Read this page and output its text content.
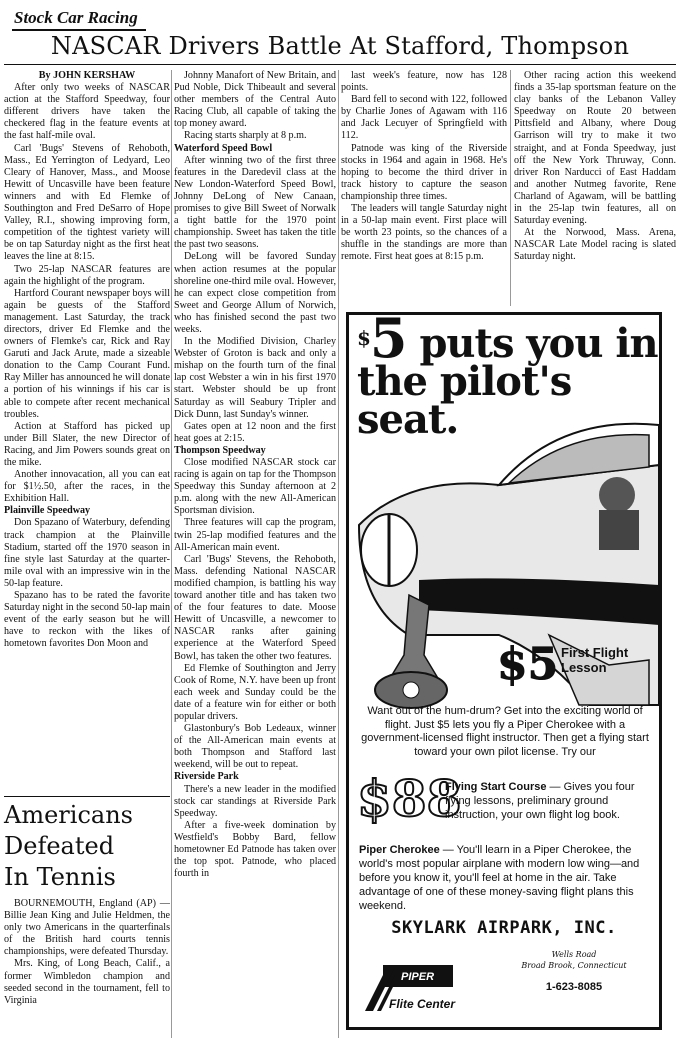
Stock Car Racing
NASCAR Drivers Battle At Stafford, Thompson

By JOHN KERSHAW

After only two weeks of NASCAR action at the Stafford Speedway, four different drivers have taken the checkered flag in the feature events at the fast half-mile oval.

Carl 'Bugs' Stevens of Rehoboth, Mass., Ed Yerrington of Ledyard, Leo Cleary of Hanover, Mass., and Moose Hewitt of Uncasville have been feature winners and with Ed Flemke of Southington and Fred DeSarro of Hope Valley, R.I., showing improving form, competition of the tightest variety will be on tap Saturday night as the first heat leaves the line at 8:15.

Two 25-lap NASCAR features are again the highlight of the program.

Hartford Courant newspaper boys will again be guests of the Stafford management. Last Saturday, the track directors, driver Ed Flemke and the owners of Flemke's car, Rick and Ray Garuti and Jack Arute, made a sizeable donation to the Camp Courant Fund. Ray Miller has announced he will donate a portion of his winnings if his car is able to compete after recent mechanical troubles.

Action at Stafford has picked up under Bill Slater, the new Director of Racing, and Jim Powers sounds great on the mike.

Another innovacation, all you can eat for $1½.50, after the races, in the Exhibition Hall.

Plainville Speedway

Don Spazano of Waterbury, defending track champion at the Plainville Stadium, started off the 1970 season in fine style last Saturday at the quarter-mile oval with an impressive win in the 50-lap feature.

Spazano has to be rated the favorite Saturday night in the second 50-lap main event of the early season but he will have to reckon with the likes of hometown favorites Don Moon and

Americans
Defeated
In Tennis

BOURNEMOUTH, England (AP) — Billie Jean King and Julie Heldmen, the only two Americans in the quarterfinals of the British hard courts tennis championships, were defeated Thursday.

Mrs. King, of Long Beach, Calif., a former Wimbledon champion and seeded second in the tournament, fell to Virginia

Johnny Manafort of New Britain, and Pud Noble, Dick Thibeault and several other members of the Central Auto Racing Club, all capable of taking the top money award.

Racing starts sharply at 8 p.m.

Waterford Speed Bowl

After winning two of the first three features in the Daredevil class at the New London-Waterford Speed Bowl, Johnny DeLong of New Canaan, promises to give Bill Sweet of Norwalk a tight battle for the 1970 point championship. Sweet has taken the title the past two seasons.

DeLong will be favored Sunday when action resumes at the popular shoreline one-third mile oval. However, he can expect close competition from Sweet and George Allum of Norwich, who has finished second the past two weeks.

In the Modified Division, Charley Webster of Groton is back and only a mishap on the fourth turn of the final lap cost Webster a win in his first 1970 start. Webster should be up front Saturday as will Seabury Tripler and Dick Dunn, last Sunday's winner.

Gates open at 12 noon and the first heat goes at 2:15.

Thompson Speedway

Close modified NASCAR stock car racing is again on tap for the Thompson Speedway this Sunday afternoon at 2 p.m. along with the new All-American Sportsman division.

Three features will cap the program, twin 25-lap modified features and the All-American main event.

Carl 'Bugs' Stevens, the Rehoboth, Mass. defending National NASCAR modified champion, is battling his way toward another title and has taken two of the four features to date. Moose Hewitt of Uncasville, a newcomer to NASCAR ranks after gaining experience at the Waterford Speed Bowl, has taken the other two features.

Ed Flemke of Southington and Jerry Cook of Rome, N.Y. have been up front each week and Sunday could be the date of a feature win for either or both popular drivers.

Glastonbury's Bob Ledeaux, winner of the All-American main events at both Thompson and Stafford last weekend, will be out to repeat.

Riverside Park

There's a new leader in the modified stock car standings at Riverside Park Speedway.

After a five-week domination by Westfield's Bobby Bard, fellow hometowner Ed Patnode has taken over the top spot. Patnode, who placed fourth in

last week's feature, now has 128 points.

Bard fell to second with 122, followed by Charlie Jones of Agawam with 116 and Jack Lecuyer of Springfield with 112.

Patnode was king of the Riverside stocks in 1964 and again in 1968. He's hoping to become the third driver in track history to capture the season championship three times.

The leaders will tangle Saturday night in a 50-lap main event. First place will be worth 23 points, so the chances of a shuffle in the standings are more than remote. First heat goes at 8:15 p.m.

Other racing action this weekend finds a 35-lap sportsman feature on the clay banks of the Lebanon Valley Speedway on Route 20 between Pittsfield and Albany, where Doug Garrison will try to make it two straight, and at Fonda Speedway, just off the New York Thruway, Conn. driver Ron Narducci of East Haddam and another Nutmeg favorite, Rene Charland of Agawam, will be battling in the 25-lap twin features, all on Saturday evening.

At the Norwood, Mass. Arena, NASCAR Late Model racing is slated Saturday night.

$5 puts you in the pilot's seat.
$5 First Flight Lesson
Want out of the hum-drum? Get into the exciting world of flight. Just $5 lets you fly a Piper Cherokee with a government-licensed flight instructor. Then get a flying start toward your own pilot license. Try our
$88
Flying Start Course — Gives you four flying lessons, preliminary ground instruction, your own flight log book.
Piper Cherokee — You'll learn in a Piper Cherokee, the world's most popular airplane with modern low wing—and before you know it, you'll feel at home in the air. Take advantage of one of these money-saving flight plans this weekend.
SKYLARK AIRPARK, INC.
PIPER
Flite Center
Wells Road
Broad Brook, Connecticut
1-623-8085
